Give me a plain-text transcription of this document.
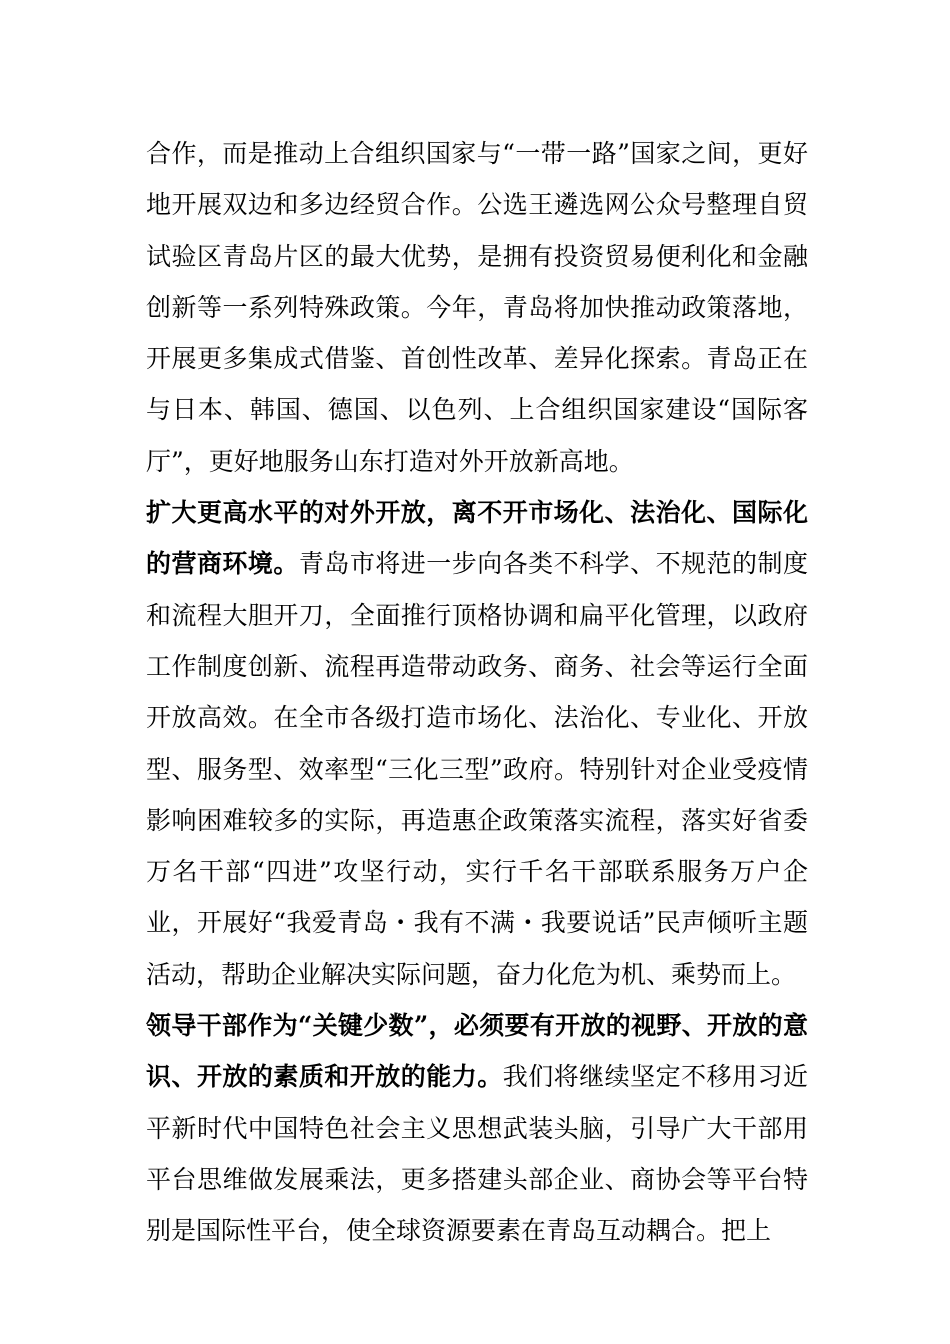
合作，而是推动上合组织国家与“一带一路”国家之间，更好地开展双边和多边经贸合作。公选王遴选网公众号整理自贸试验区青岛片区的最大优势，是拥有投资贸易便利化和金融创新等一系列特殊政策。今年，青岛将加快推动政策落地，开展更多集成式借鉴、首创性改革、差异化探索。青岛正在与日本、韩国、德国、以色列、上合组织国家建设“国际客厅”，更好地服务山东打造对外开放新高地。

扩大更高水平的对外开放，离不开市场化、法治化、国际化的营商环境。青岛市将进一步向各类不科学、不规范的制度和流程大胆开刀，全面推行顶格协调和扁平化管理，以政府工作制度创新、流程再造带动政务、商务、社会等运行全面开放高效。在全市各级打造市场化、法治化、专业化、开放型、服务型、效率型“三化三型”政府。特别针对企业受疫情影响困难较多的实际，再造惠企政策落实流程，落实好省委万名干部“四进”攻坚行动，实行千名干部联系服务万户企业，开展好“我爱青岛・我有不满・我要说话”民声倾听主题活动，帮助企业解决实际问题，奋力化危为机、乘势而上。

领导干部作为“关键少数”，必须要有开放的视野、开放的意识、开放的素质和开放的能力。我们将继续坚定不移用习近平新时代中国特色社会主义思想武装头脑，引导广大干部用平台思维做发展乘法，更多搭建头部企业、商协会等平台特别是国际性平台，使全球资源要素在青岛互动耦合。把上
